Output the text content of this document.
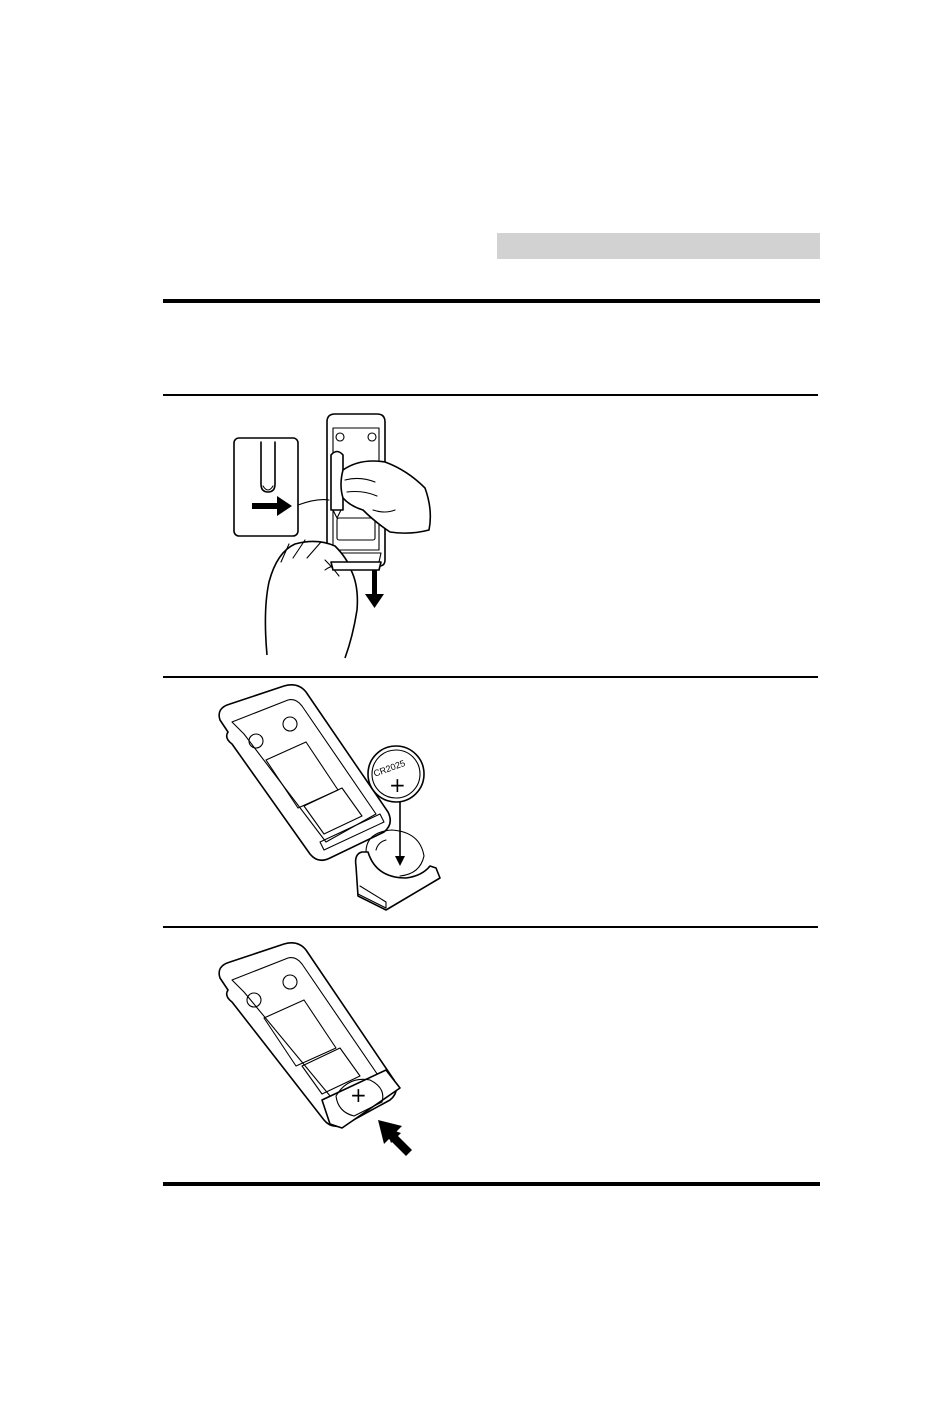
CR2025
+
+
